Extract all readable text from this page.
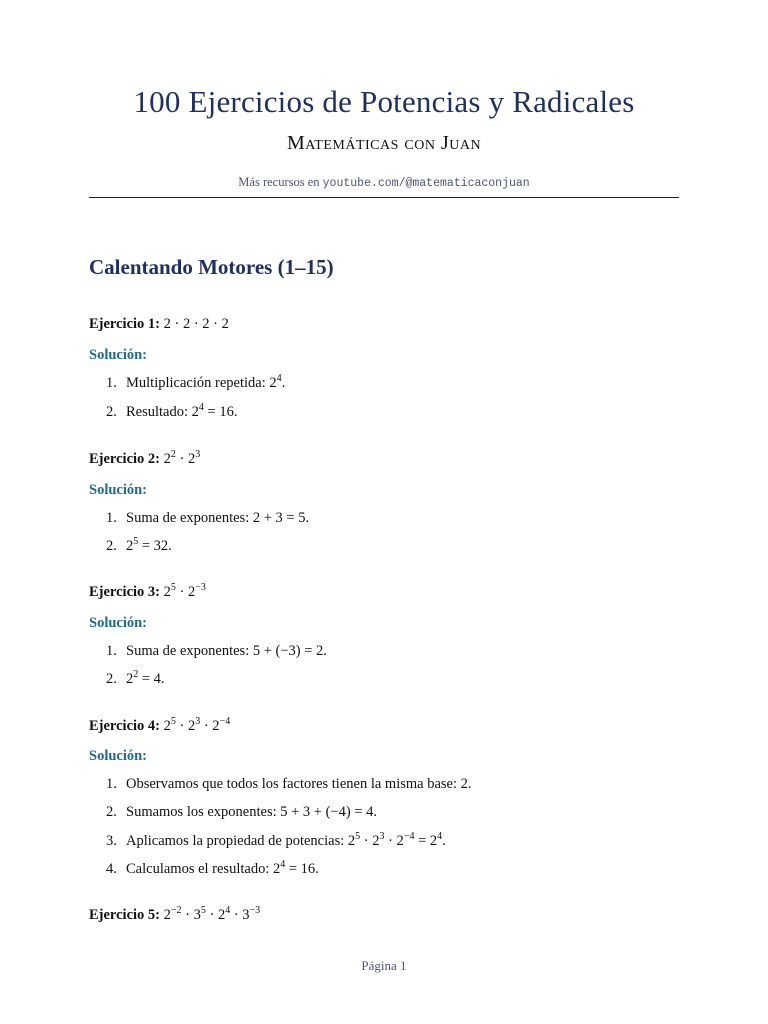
100 Ejercicios de Potencias y Radicales
Matemáticas con Juan
Más recursos en youtube.com/@matematicaconjuan
Calentando Motores (1–15)
Ejercicio 1: 2 · 2 · 2 · 2
Solución:
1. Multiplicación repetida: $2^4$.
2. Resultado: $2^4 = 16$.
Ejercicio 2: $2^2 \cdot 2^3$
Solución:
1. Suma de exponentes: 2 + 3 = 5.
2. $2^5 = 32$.
Ejercicio 3: $2^5 \cdot 2^{-3}$
Solución:
1. Suma de exponentes: 5 + (−3) = 2.
2. $2^2 = 4$.
Ejercicio 4: $2^5 \cdot 2^3 \cdot 2^{-4}$
Solución:
1. Observamos que todos los factores tienen la misma base: 2.
2. Sumamos los exponentes: 5 + 3 + (−4) = 4.
3. Aplicamos la propiedad de potencias: $2^5 \cdot 2^3 \cdot 2^{-4} = 2^4$.
4. Calculamos el resultado: $2^4 = 16$.
Ejercicio 5: $2^{-2} \cdot 3^5 \cdot 2^4 \cdot 3^{-3}$
Página 1
